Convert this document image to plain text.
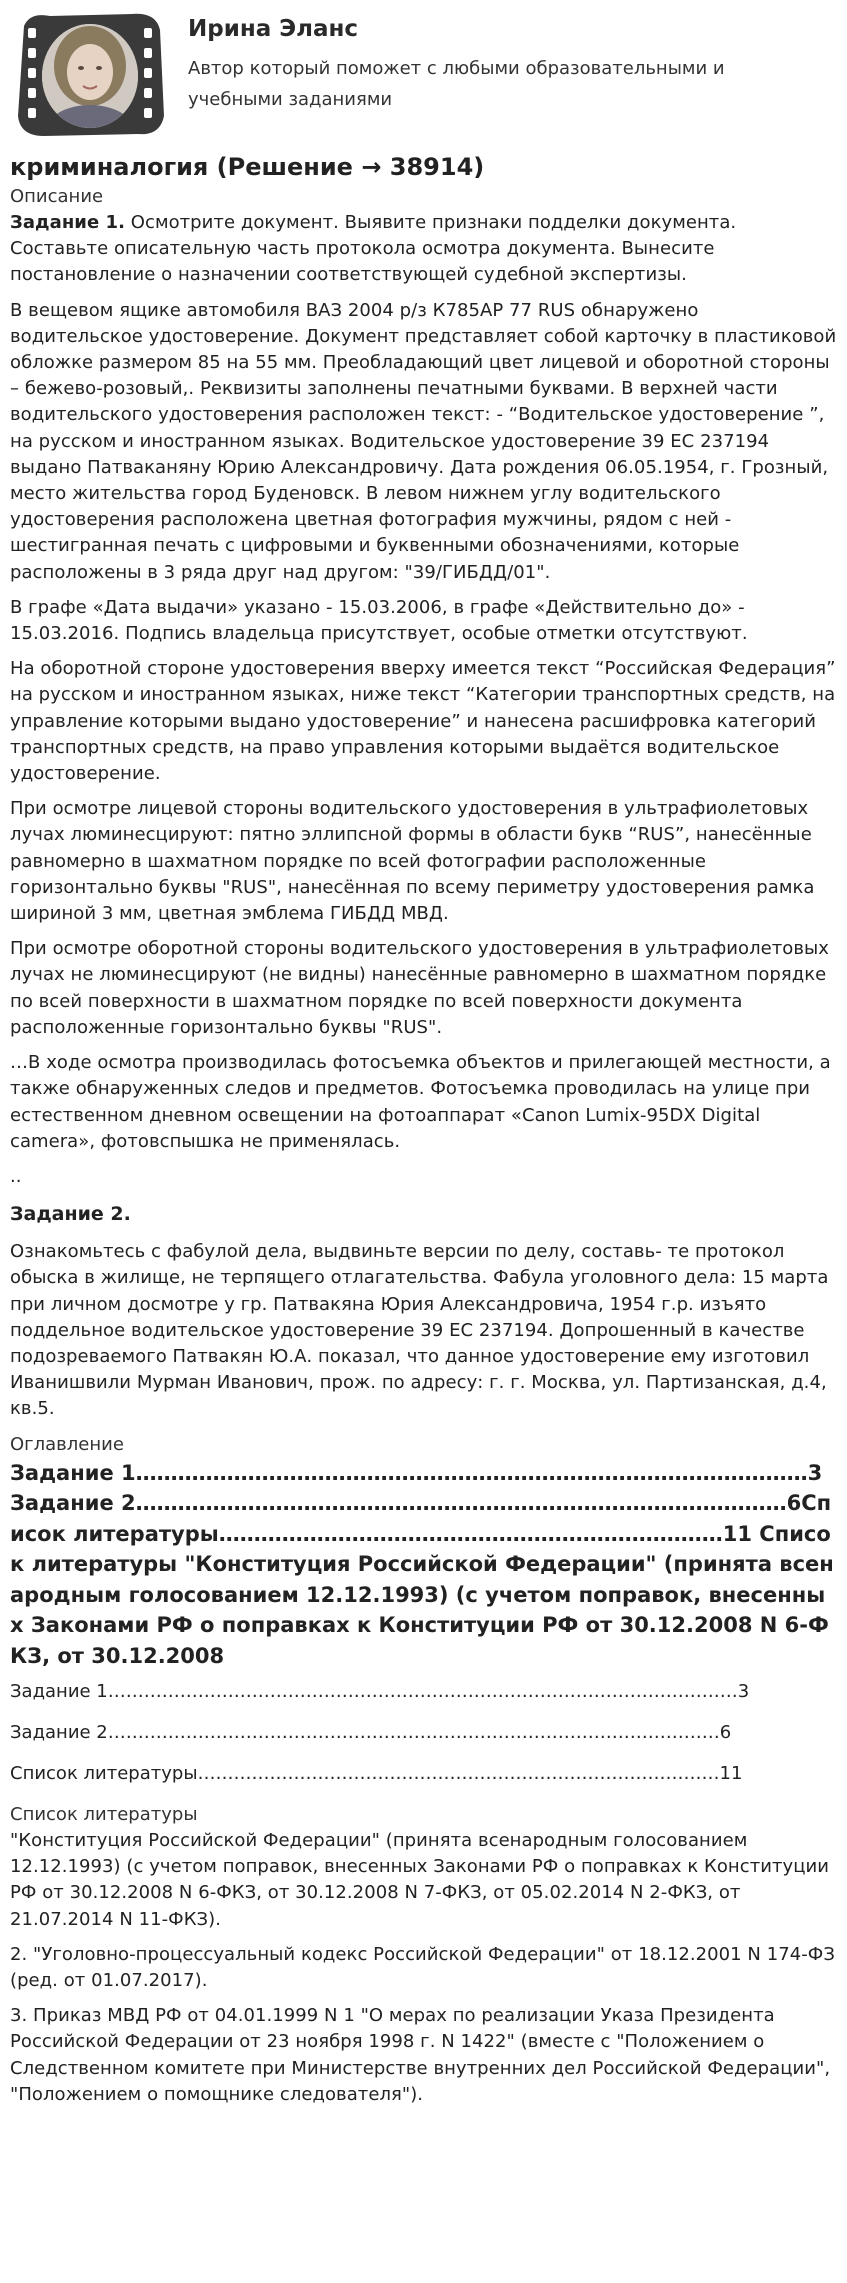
Ирина Эланс
Автор который поможет с любыми образовательными и учебными заданиями
криминалогия (Решение → 38914)
Описание

Задание 1. Осмотрите документ. Выявите признаки подделки документа. Составьте описательную часть протокола осмотра документа. Вынесите постановление о назначении соответствующей судебной экспертизы.

В вещевом ящике автомобиля ВАЗ 2004 р/з К785АР 77 RUS обнаружено водительское удостоверение. Документ представляет собой карточку в пластиковой обложке размером 85 на 55 мм. Преобладающий цвет лицевой и оборотной стороны – бежево-розовый,. Реквизиты заполнены печатными буквами. В верхней части водительского удостоверения расположен текст: - “Водительское удостоверение ”, на русском и иностранном языках. Водительское удостоверение 39 ЕС 237194 выдано Патваканяну Юрию Александровичу. Дата рождения 06.05.1954, г. Грозный, место жительства город Буденовск. В левом нижнем углу водительского удостоверения расположена цветная фотография мужчины, рядом с ней - шестигранная печать с цифровыми и буквенными обозначениями, которые расположены в 3 ряда друг над другом: "39/ГИБДД/01".

В графе «Дата выдачи» указано - 15.03.2006, в графе «Действительно до» - 15.03.2016. Подпись владельца присутствует, особые отметки отсутствуют.

На оборотной стороне удостоверения вверху имеется текст “Российская Федерация” на русском и иностранном языках, ниже текст “Категории транспортных средств, на управление которыми выдано удостоверение” и нанесена расшифровка категорий транспортных средств, на право управления которыми выдаётся водительское удостоверение.

При осмотре лицевой стороны водительского удостоверения в ультрафиолетовых лучах люминесцируют: пятно эллипсной формы в области букв “RUS”, нанесённые равномерно в шахматном порядке по всей фотографии расположенные горизонтально буквы "RUS", нанесённая по всему периметру удостоверения рамка шириной 3 мм, цветная эмблема ГИБДД МВД.

При осмотре оборотной стороны водительского удостоверения в ультрафиолетовых лучах не люминесцируют (не видны) нанесённые равномерно в шахматном порядке по всей поверхности в шахматном порядке по всей поверхности документа расположенные горизонтально буквы "RUS".

…В ходе осмотра производилась фотосъемка объектов и прилегающей местности, а также обнаруженных следов и предметов. Фотосъемка проводилась на улице при естественном дневном освещении на фотоаппарат «Canon Lumix-95DX Digital camera», фотовспышка не применялась.

..

Задание 2.

Ознакомьтесь с фабулой дела, выдвиньте версии по делу, составь- те протокол обыска в жилище, не терпящего отлагательства. Фабула уголовного дела: 15 марта при личном досмотре у гр. Патвакяна Юрия Александровича, 1954 г.р. изъято поддельное водительское удостоверение 39 ЕС 237194. Допрошенный в качестве подозреваемого Патвакян Ю.А. показал, что данное удостоверение ему изготовил Иванишвили Мурман Иванович, прож. по адресу: г. г. Москва, ул. Партизанская, д.4, кв.5.

Оглавление
Задание 1……………………………………………………………………………………3Задание 2…………………………………………………………………………………6Список литературы………………………………………………………………11 Список литературы "Конституция Российской Федерации" (принята всенародным голосованием 12.12.1993) (с учетом поправок, внесенных Законами РФ о поправках к Конституции РФ от 30.12.2008 N 6-ФКЗ, от 30.12.2008
Задание 1……………………………………………………………………………………………3
Задание 2…………………………………………………………………………………………6
Список литературы……………………………………………………………………………11
Список литературы

"Конституция Российской Федерации" (принята всенародным голосованием 12.12.1993) (с учетом поправок, внесенных Законами РФ о поправках к Конституции РФ от 30.12.2008 N 6-ФКЗ, от 30.12.2008 N 7-ФКЗ, от 05.02.2014 N 2-ФКЗ, от 21.07.2014 N 11-ФКЗ).

2. "Уголовно-процессуальный кодекс Российской Федерации" от 18.12.2001 N 174-ФЗ (ред. от 01.07.2017).

3. Приказ МВД РФ от 04.01.1999 N 1 "О мерах по реализации Указа Президента Российской Федерации от 23 ноября 1998 г. N 1422" (вместе с "Положением о Следственном комитете при Министерстве внутренних дел Российской Федерации", "Положением о помощнике следователя").
